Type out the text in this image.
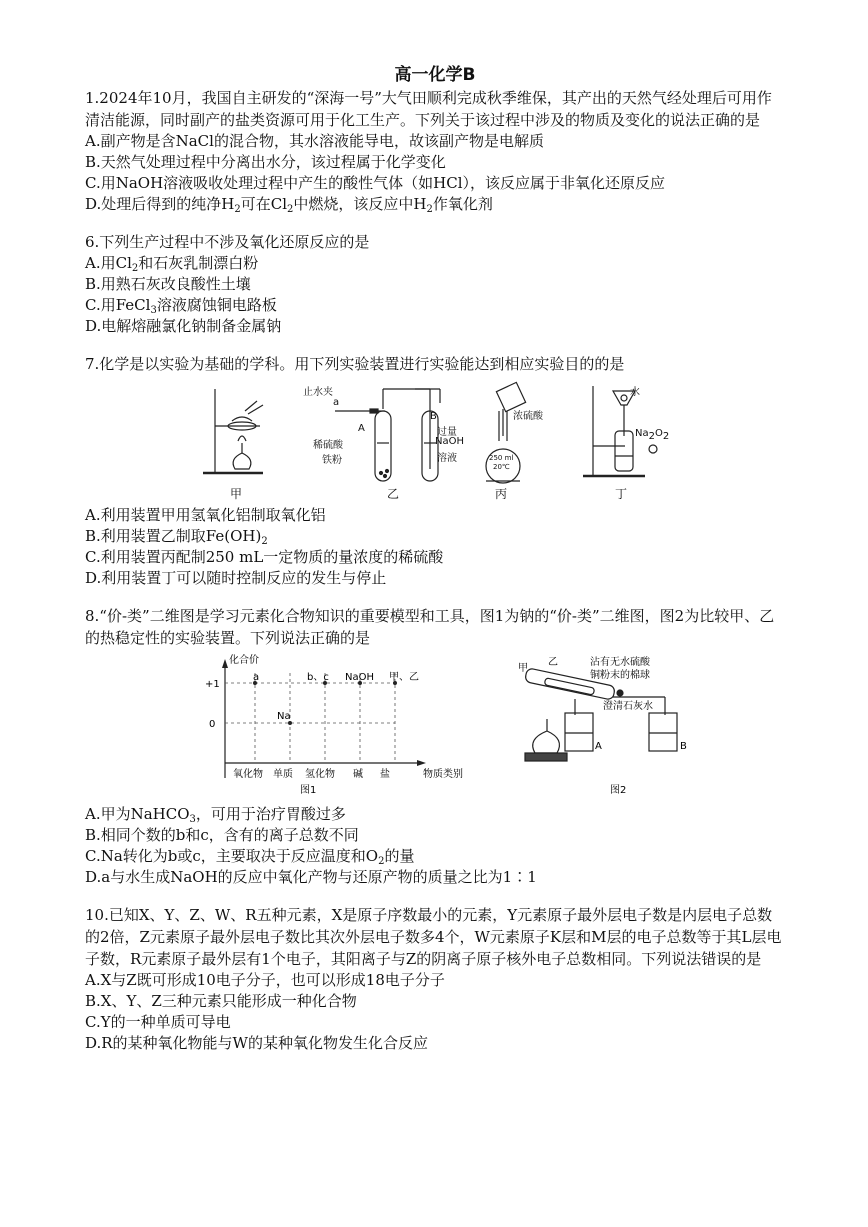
高一化学B

1.2024年10月，我国自主研发的“深海一号”大气田顺利完成秋季维保，其产出的天然气经处理后可用作清洁能源，同时副产的盐类资源可用于化工生产。下列关于该过程中涉及的物质及变化的说法正确的是

A.副产物是含NaCl的混合物，其水溶液能导电，故该副产物是电解质

B.天然气处理过程中分离出水分，该过程属于化学变化

C.用NaOH溶液吸收处理过程中产生的酸性气体（如HCl），该反应属于非氧化还原反应

D.处理后得到的纯净$H_2$可在$Cl_2$中燃烧，该反应中$H_2$作氧化剂

6.下列生产过程中不涉及氧化还原反应的是

A.用$Cl_2$和石灰乳制漂白粉

B.用熟石灰改良酸性土壤

C.用FeCl$_3$溶液腐蚀铜电路板

D.电解熔融氯化钠制备金属钠

7.化学是以实验为基础的学科。用下列实验装置进行实验能达到相应实验目的的是

止水夹
a
A
B
过量
NaOH
溶液
稀硫酸
铁粉
浓硫酸
250 ml
20℃
水
$Na_2O_2$
甲	乙	丙	丁

A.利用装置甲用氢氧化铝制取氧化铝

B.利用装置乙制取$Fe(OH)_2$

C.利用装置丙配制250 mL一定物质的量浓度的稀硫酸

D.利用装置丁可以随时控制反应的发生与停止

8.“价-类”二维图是学习元素化合物知识的重要模型和工具，图1为钠的“价-类”二维图，图2为比较甲、乙的热稳定性的实验装置。下列说法正确的是

化合价
+1
0
a	b、c NaOH 甲、乙
Na
氧化物 单质 氢化物 碱 盐	物质类别
图1
甲
乙	沾有无水硫酸
铜粉末的棉球
澄清石灰水
A	B
图2

A.甲为NaHCO$_3$，可用于治疗胃酸过多

B.相同个数的b和c，含有的离子总数不同

C.Na转化为b或c，主要取决于反应温度和$O_2$的量

D.a与水生成NaOH的反应中氧化产物与还原产物的质量之比为1∶1

10.已知X、Y、Z、W、R五种元素，X是原子序数最小的元素，Y元素原子最外层电子数是内层电子总数的2倍，Z元素原子最外层电子数比其次外层电子数多4个，W元素原子K层和M层的电子总数等于其L层电子数，R元素原子最外层有1个电子，其阳离子与Z的阴离子原子核外电子总数相同。下列说法错误的是

A.X与Z既可形成10电子分子，也可以形成18电子分子

B.X、Y、Z三种元素只能形成一种化合物

C.Y的一种单质可导电

D.R的某种氧化物能与W的某种氧化物发生化合反应
